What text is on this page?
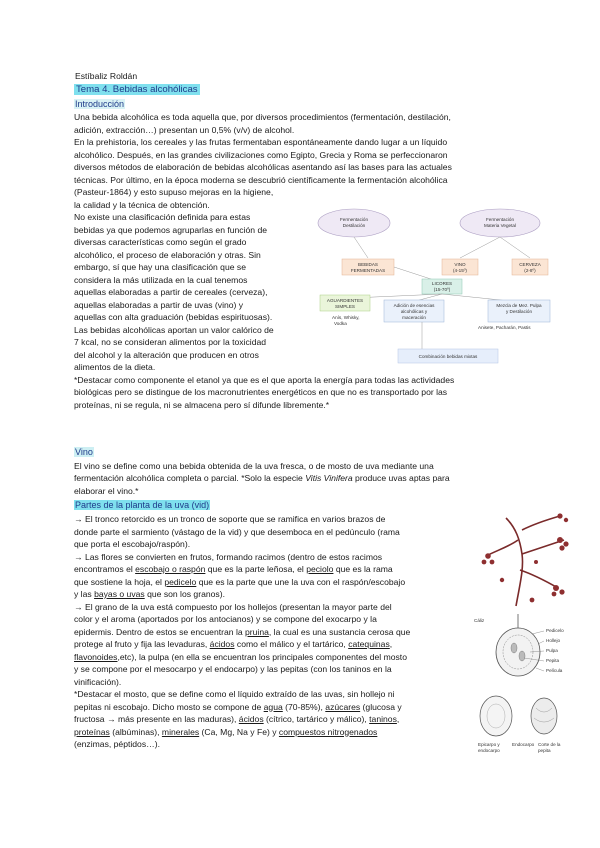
Estíbaliz Roldán
Tema 4. Bebidas alcohólicas
Introducción
Una bebida alcohólica es toda aquella que, por diversos procedimientos (fermentación, destilación,
adición, extracción…) presentan un 0,5% (v/v) de alcohol.
En la prehistoria, los cereales y las frutas fermentaban espontáneamente dando lugar a un líquido
alcohólico. Después, en las grandes civilizaciones como Egipto, Grecia y Roma se perfeccionaron
diversos métodos de elaboración de bebidas alcohólicas asentando así las bases para las actuales
técnicas. Por último, en la época moderna se descubrió científicamente la fermentación alcohólica
(Pasteur-1864) y esto supuso mejoras en la higiene,
la calidad y la técnica de obtención.
No existe una clasificación definida para estas
bebidas ya que podemos agruparlas en función de
diversas características como según el grado
alcohólico, el proceso de elaboración y otras. Sin
embargo, sí que hay una clasificación que se
considera la más utilizada en la cual tenemos
aquellas elaboradas a partir de cereales (cerveza),
aquellas elaboradas a partir de uvas (vino) y
aquellas con alta graduación (bebidas espirituosas).
Las bebidas alcohólicas aportan un valor calórico de
7 kcal, no se consideran alimentos por la toxicidad
del alcohol y la alteración que producen en otros
alimentos de la dieta.
Fermentación
Destilación
Fermentación
Materia Vegetal
BEBIDAS
FERMENTADAS
VINO
(4-15º)
CERVEZA
(2-8º)
LICORES
(15-70º)
AGUARDIENTES
SIMPLES	Adición de esencias
alcohólicas y
maceración
Mezcla de Mez. Pulpa
y Destilación
Anís, Whisky,
Vodka
Anisete, Pacharán, Pastis
Combinación bebidas mixtas
*Destacar como componente el etanol ya que es el que aporta la energía para todas las actividades
biológicas pero se distingue de los macronutrientes energéticos en que no es transportado por las
proteínas, ni se regula, ni se almacena pero sí difunde libremente.*
Vino
El vino se define como una bebida obtenida de la uva fresca, o de mosto de uva mediante una
fermentación alcohólica completa o parcial. *Solo la especie Vitis Vinifera produce uvas aptas para
elaborar el vino.*
Partes de la planta de la uva (vid)
→ El tronco retorcido es un tronco de soporte que se ramifica en varios brazos de
donde parte el sarmiento (vástago de la vid) y que desemboca en el pedúnculo (rama
que porta el escobajo/raspón).
→ Las flores se convierten en frutos, formando racimos (dentro de estos racimos
encontramos el escobajo o raspón que es la parte leñosa, el peciolo que es la rama
que sostiene la hoja, el pedicelo que es la parte que une la uva con el raspón/escobajo
y las bayas o uvas que son los granos).
→ El grano de la uva está compuesto por los hollejos (presentan la mayor parte del
color y el aroma (aportados por los antocianos) y se compone del exocarpo y la
epidermis. Dentro de estos se encuentran la pruina, la cual es una sustancia cerosa que
protege al fruto y fija las levaduras, ácidos como el málico y el tartárico, catequinas,
flavonoides,etc), la pulpa (en ella se encuentran los principales componentes del mosto
y se compone por el mesocarpo y el endocarpo) y las pepitas (con los taninos en la
vinificación).
*Destacar el mosto, que se define como el líquido extraído de las uvas, sin hollejo ni
pepitas ni escobajo. Dicho mosto se compone de agua (70-85%), azúcares (glucosa y
fructosa → más presente en las maduras), ácidos (cítrico, tartárico y málico), taninos,
proteínas (albúminas), minerales (Ca, Mg, Na y Fe) y compuestos nitrogenados
(enzimas, péptidos…).
Cáliz
Pedicelo
Hollejo
Pulpa
Pepita
Película
Epicarpo y
endocarpo
Endocarpo Corte de la
pepita
